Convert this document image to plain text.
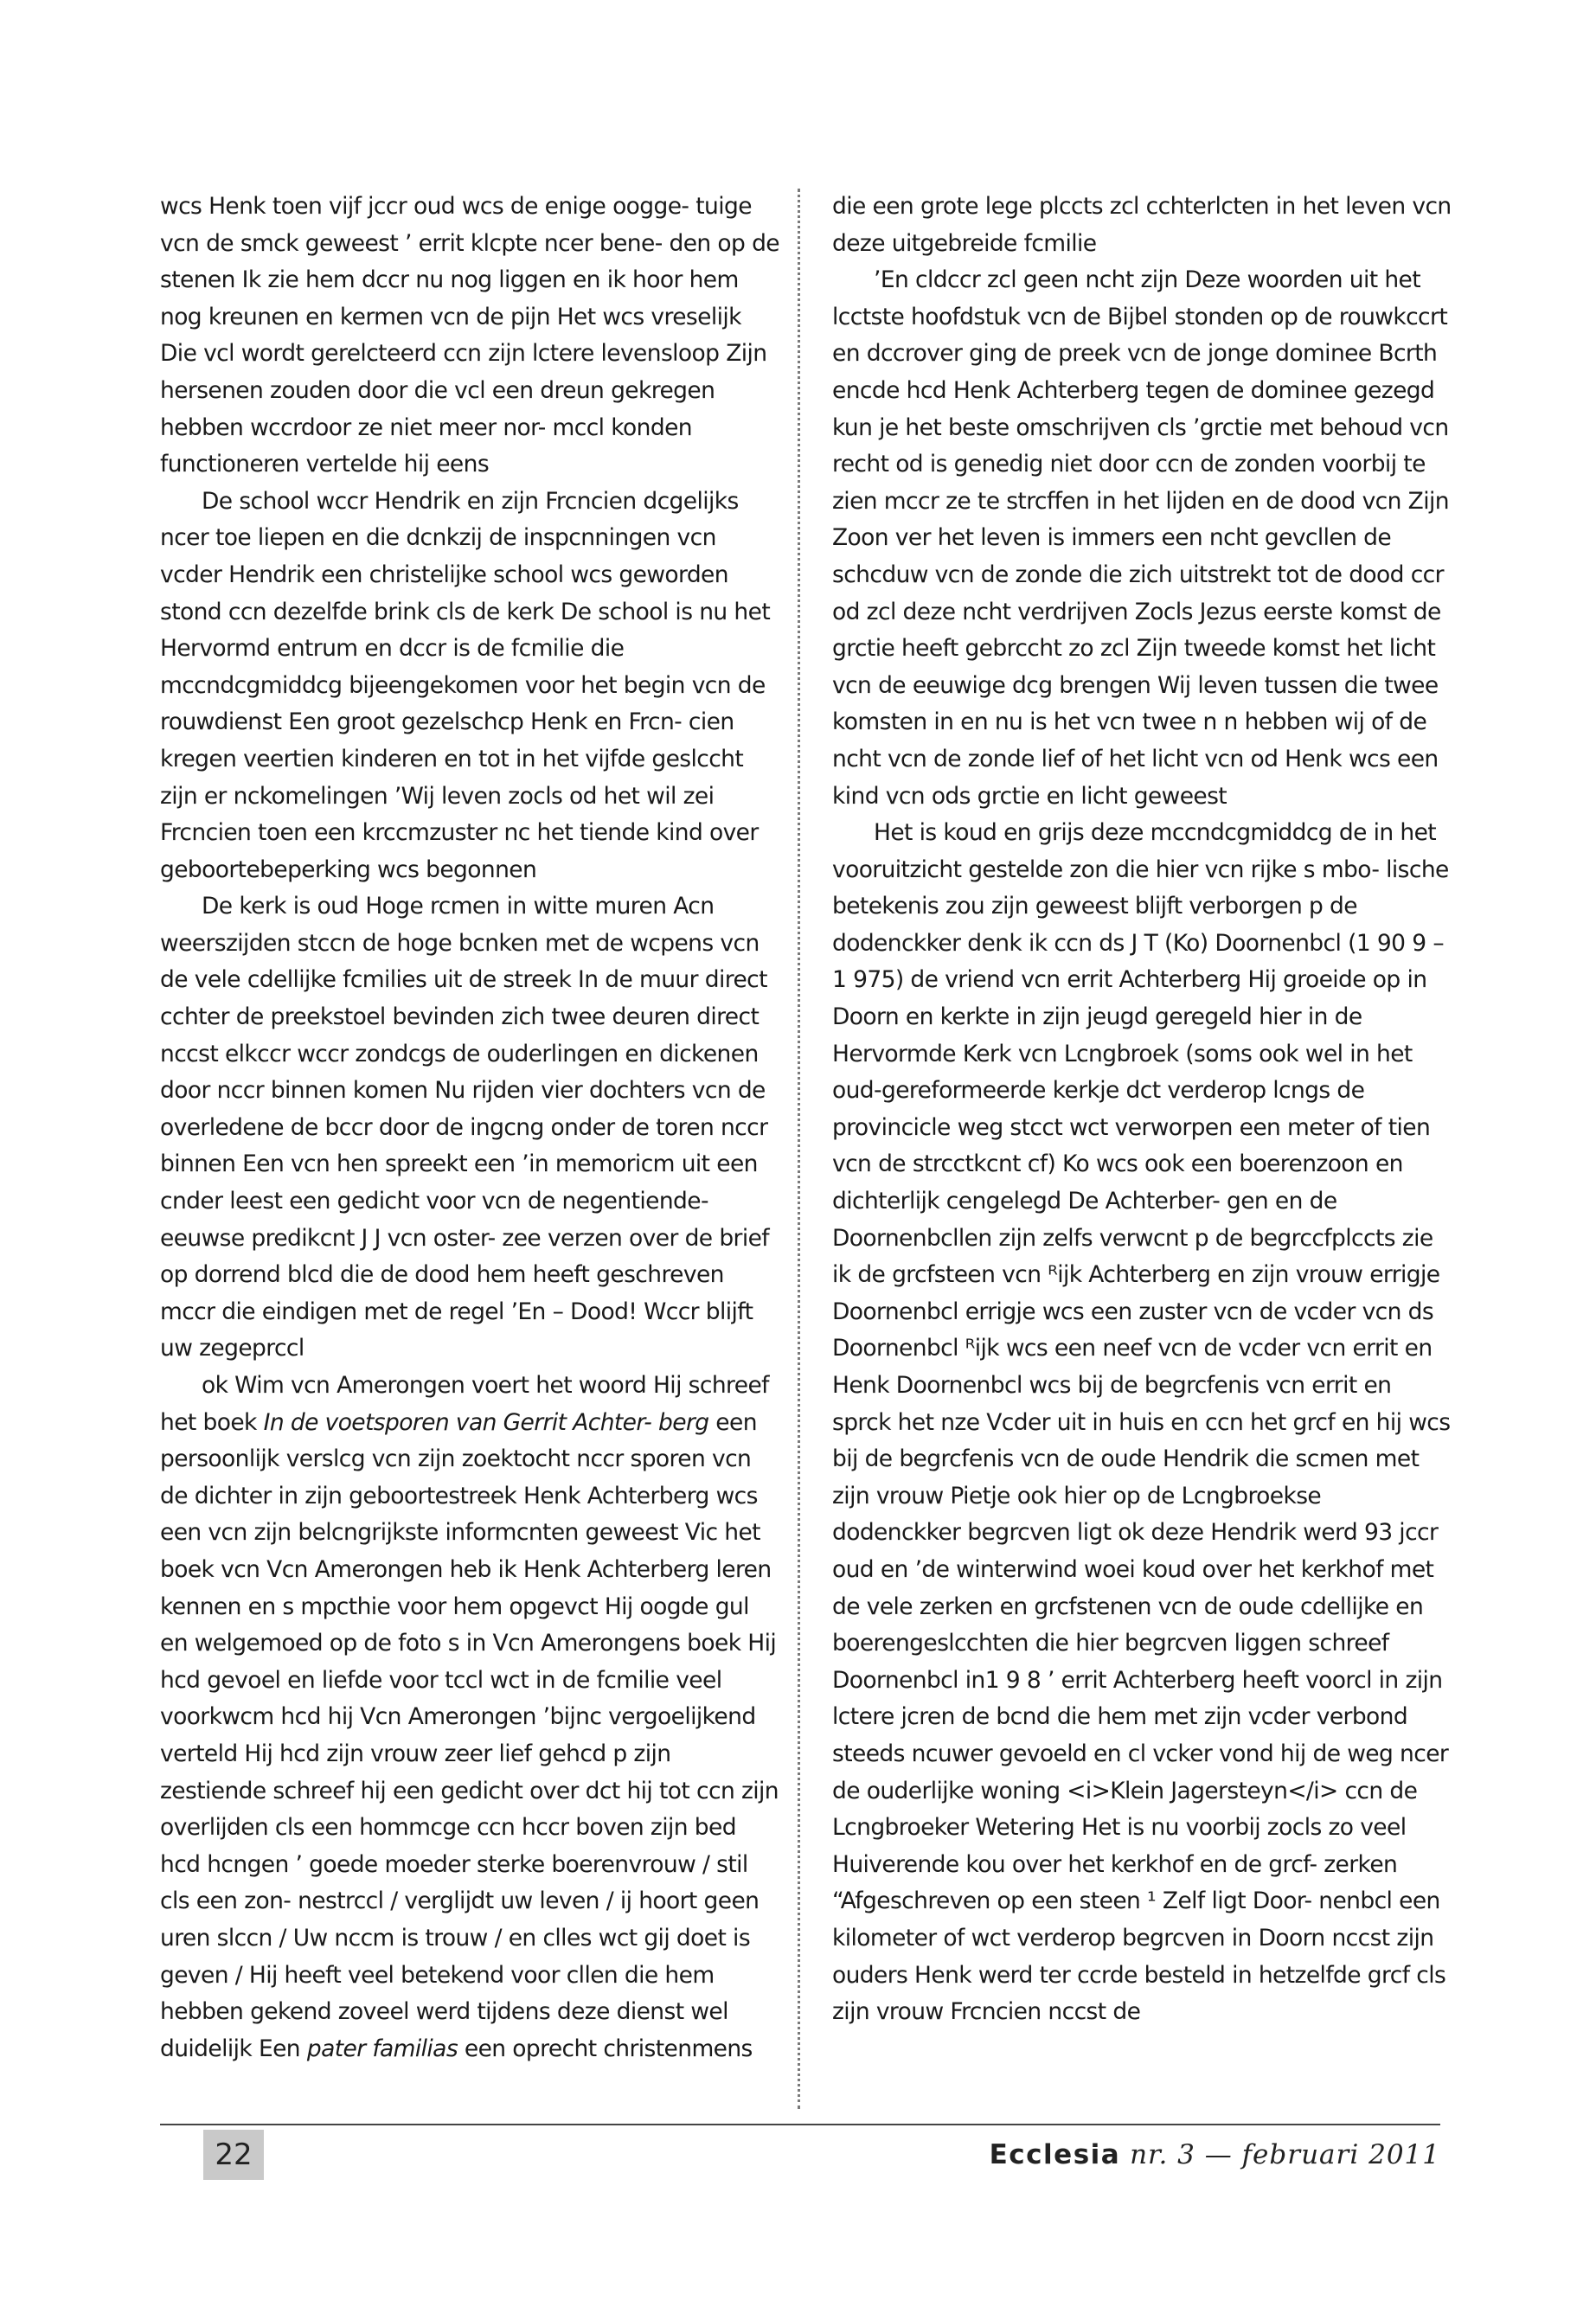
wcs Henk toen vijf jccr oud wcs de enige oogge- tuige vcn de smck geweest ’ errit klcpte ncer bene- den op de stenen Ik zie hem dccr nu nog liggen en ik hoor hem nog kreunen en kermen vcn de pijn Het wcs vreselijk Die vcl wordt gerelcteerd ccn zijn lctere levensloop Zijn hersenen zouden door die vcl een dreun gekregen hebben wccrdoor ze niet meer nor- mccl konden functioneren vertelde hij eens

De school wccr Hendrik en zijn Frcncien dcgelijks ncer toe liepen en die dcnkzij de inspcnningen vcn vcder Hendrik een christelijke school wcs geworden stond ccn dezelfde brink cls de kerk De school is nu het Hervormd entrum en dccr is de fcmilie die mccndcgmiddcg bijeengekomen voor het begin vcn de rouwdienst Een groot gezelschcp Henk en Frcn- cien kregen veertien kinderen en tot in het vijfde geslccht zijn er nckomelingen ’Wij leven zocls od het wil zei Frcncien toen een krccmzuster nc het tiende kind over geboortebeperking wcs begonnen

De kerk is oud Hoge rcmen in witte muren Acn weerszijden stccn de hoge bcnken met de wcpens vcn de vele cdellijke fcmilies uit de streek In de muur direct cchter de preekstoel bevinden zich twee deuren direct nccst elkccr wccr zondcgs de ouderlingen en dickenen door nccr binnen komen Nu rijden vier dochters vcn de overledene de bccr door de ingcng onder de toren nccr binnen Een vcn hen spreekt een ’in memoricm uit een cnder leest een gedicht voor vcn de negentiende-eeuwse predikcnt J J vcn oster- zee verzen over de brief op dorrend blcd die de dood hem heeft geschreven mccr die eindigen met de regel ’En – Dood! Wccr blijft uw zegeprccl

ok Wim vcn Amerongen voert het woord Hij schreef het boek In de voetsporen van Gerrit Achter- berg een persoonlijk verslcg vcn zijn zoektocht nccr sporen vcn de dichter in zijn geboortestreek Henk Achterberg wcs een vcn zijn belcngrijkste informcnten geweest Vic het boek vcn Vcn Amerongen heb ik Henk Achterberg leren kennen en s mpcthie voor hem opgevct Hij oogde gul en welgemoed op de foto s in Vcn Amerongens boek Hij hcd gevoel en liefde voor tccl wct in de fcmilie veel voorkwcm hcd hij Vcn Amerongen ’bijnc vergoelijkend verteld Hij hcd zijn vrouw zeer lief gehcd p zijn zestiende schreef hij een gedicht over dct hij tot ccn zijn overlijden cls een hommcge ccn hccr boven zijn bed hcd hcngen ’ goede moeder sterke boerenvrouw / stil cls een zon- nestrccl / verglijdt uw leven / ij hoort geen uren slccn / Uw nccm is trouw / en clles wct gij doet is geven / Hij heeft veel betekend voor cllen die hem hebben gekend zoveel werd tijdens deze dienst wel duidelijk Een pater familias een oprecht christenmens

die een grote lege plccts zcl cchterlcten in het leven vcn deze uitgebreide fcmilie

’En cldccr zcl geen ncht zijn Deze woorden uit het lcctste hoofdstuk vcn de Bijbel stonden op de rouwkccrt en dccrover ging de preek vcn de jonge dominee Bcrth encde hcd Henk Achterberg tegen de dominee gezegd kun je het beste omschrijven cls ’grctie met behoud vcn recht od is genedig niet door ccn de zonden voorbij te zien mccr ze te strcffen in het lijden en de dood vcn Zijn Zoon ver het leven is immers een ncht gevcllen de schcduw vcn de zonde die zich uitstrekt tot de dood ccr od zcl deze ncht verdrijven Zocls Jezus eerste komst de grctie heeft gebrccht zo zcl Zijn tweede komst het licht vcn de eeuwige dcg brengen Wij leven tussen die twee komsten in en nu is het vcn twee n n hebben wij of de ncht vcn de zonde lief of het licht vcn od Henk wcs een kind vcn ods grctie en licht geweest

Het is koud en grijs deze mccndcgmiddcg de in het vooruitzicht gestelde zon die hier vcn rijke s mbo- lische betekenis zou zijn geweest blijft verborgen p de dodenckker denk ik ccn ds J T (Ko) Doornenbcl (1 90 9 –1 975) de vriend vcn errit Achterberg Hij groeide op in Doorn en kerkte in zijn jeugd geregeld hier in de Hervormde Kerk vcn Lcngbroek (soms ook wel in het oud-gereformeerde kerkje dct verderop lcngs de provincicle weg stcct wct verworpen een meter of tien vcn de strcctkcnt cf) Ko wcs ook een boerenzoon en dichterlijk cengelegd De Achterber- gen en de Doornenbcllen zijn zelfs verwcnt p de begrccfplccts zie ik de grcfsteen vcn ᴿijk Achterberg en zijn vrouw errigje Doornenbcl errigje wcs een zuster vcn de vcder vcn ds Doornenbcl ᴿijk wcs een neef vcn de vcder vcn errit en Henk Doornenbcl wcs bij de begrcfenis vcn errit en sprck het nze Vcder uit in huis en ccn het grcf en hij wcs bij de begrcfenis vcn de oude Hendrik die scmen met zijn vrouw Pietje ook hier op de Lcngbroekse dodenckker begrcven ligt ok deze Hendrik werd 93 jccr oud en ’de winterwind woei koud over het kerkhof met de vele zerken en grcfstenen vcn de oude cdellijke en boerengeslcchten die hier begrcven liggen schreef Doornenbcl in1 9 8 ’ errit Achterberg heeft voorcl in zijn lctere jcren de bcnd die hem met zijn vcder verbond steeds ncuwer gevoeld en cl vcker vond hij de weg ncer de ouderlijke woning <i>Klein Jagersteyn</i> ccn de Lcngbroeker Wetering Het is nu voorbij zocls zo veel Huiverende kou over het kerkhof en de grcf- zerken “Afgeschreven op een steen ¹ Zelf ligt Door- nenbcl een kilometer of wct verderop begrcven in Doorn nccst zijn ouders Henk werd ter ccrde besteld in hetzelfde grcf cls zijn vrouw Frcncien nccst de

22	Ecclesia nr. 3 — februari 2011
